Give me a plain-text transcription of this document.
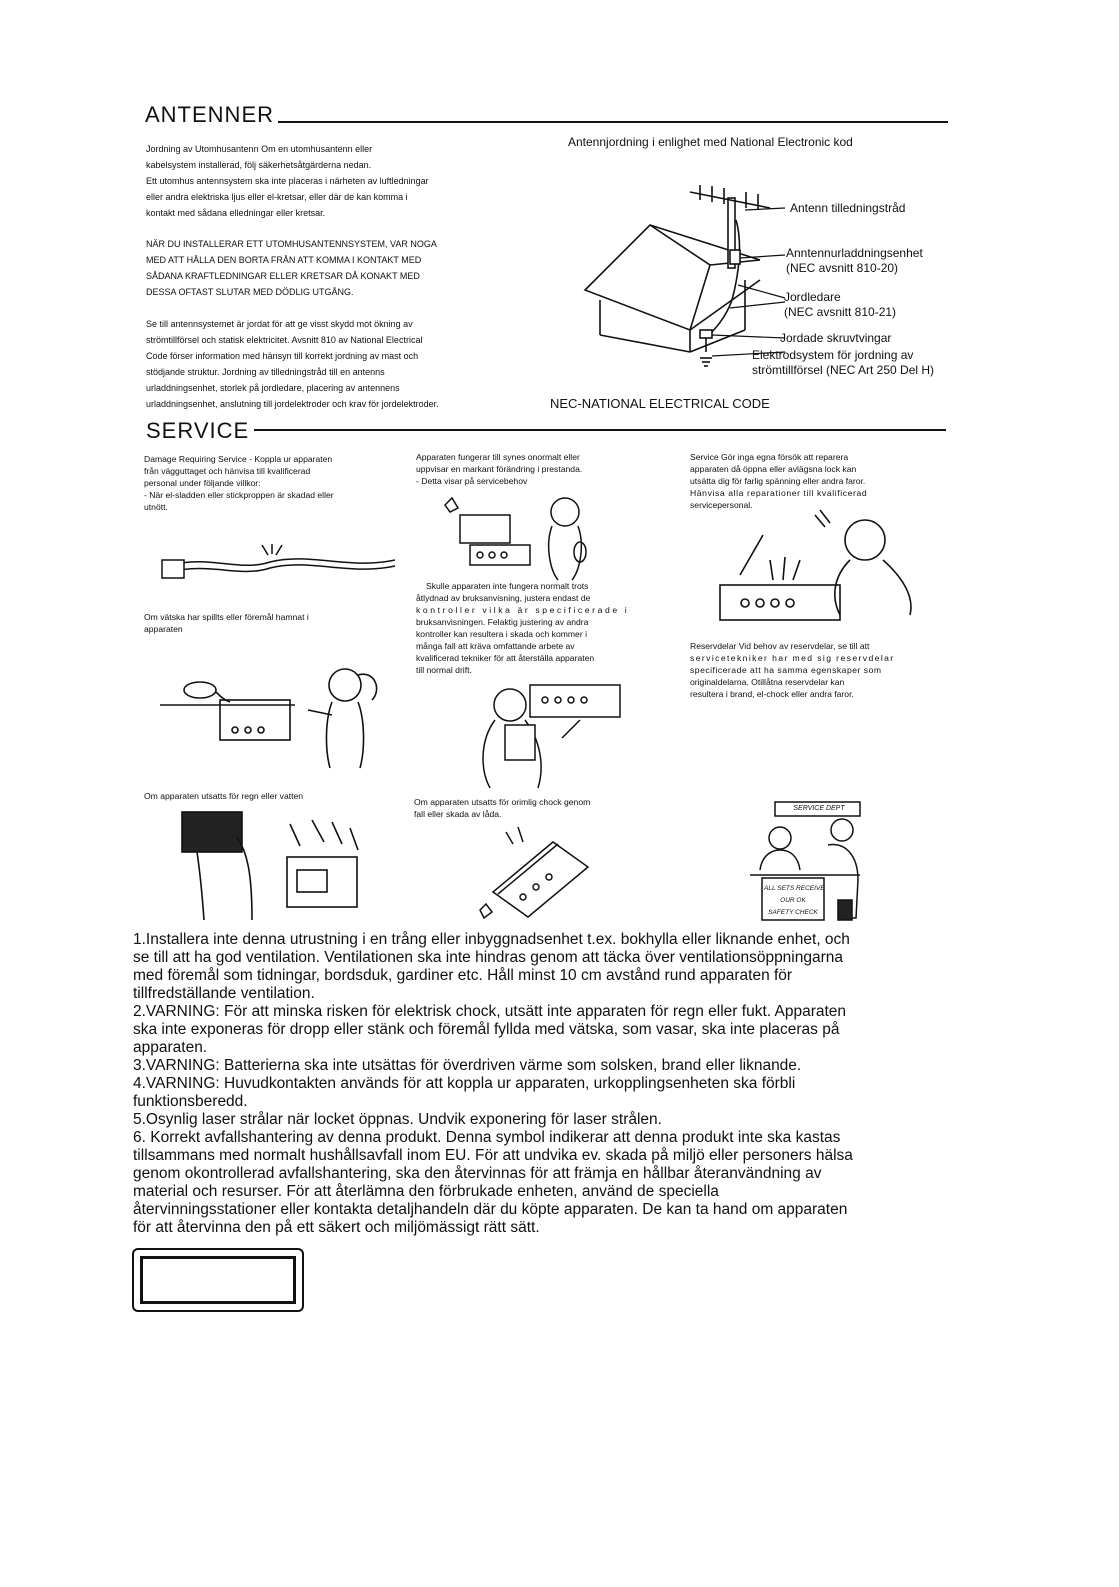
ANTENNER
Jordning av Utomhusantenn Om en utomhusantenn eller
kabelsystem installerad, följ säkerhetsåtgärderna nedan.
Ett utomhus antennsystem ska inte placeras i närheten av luftledningar
eller andra elektriska ljus eller el-kretsar, eller där de kan komma i
kontakt med sådana elledningar eller kretsar.
NÄR DU INSTALLERAR ETT UTOMHUSANTENNSYSTEM, VAR NOGA
MED ATT HÅLLA DEN BORTA FRÅN ATT KOMMA I KONTAKT MED
SÅDANA KRAFTLEDNINGAR ELLER KRETSAR DÅ KONAKT MED
DESSA OFTAST SLUTAR MED DÖDLIG UTGÅNG.
Se till antennsystemet är jordat för att ge visst skydd mot ökning av
strömtillförsel och statisk elektricitet. Avsnitt 810 av National Electrical
Code förser information med hänsyn till korrekt jordning av mast och
stödjande struktur. Jordning av tilledningstråd till en antenns
urladdningsenhet, storlek på jordledare, placering av antennens
urladdningsenhet, anslutning till jordelektroder och krav för jordelektroder.
Antennjordning i enlighet med National Electronic kod
Antenn tilledningstråd
Anntennurladdningsenhet
(NEC avsnitt 810-20)
Jordledare
(NEC avsnitt 810-21)
Jordade skruvtvingar
Elektrodsystem för jordning av
strömtillförsel (NEC Art 250 Del H)
NEC-NATIONAL ELECTRICAL CODE
SERVICE
Damage Requiring Service - Koppla ur apparaten
från vägguttaget och hänvisa till kvalificerad
personal under följande villkor:
- När el-sladden eller stickproppen är skadad eller
utnött.
Om vätska har spillts eller föremål hamnat i
apparaten
Om apparaten utsatts för regn eller vatten
Apparaten fungerar till synes onormalt eller
uppvisar en markant förändring i prestanda.
- Detta visar på servicebehov
Skulle apparaten inte fungera normalt trots
åtlydnad av bruksanvisning, justera endast de
kontroller vilka är specificerade i
bruksanvisningen. Felaktig justering av andra
kontroller kan resultera i skada och kommer i
många fall att kräva omfattande arbete av
kvalificerad tekniker för att återställa apparaten
till normal drift.
Om apparaten utsatts för orimlig chock genom
fall eller skada av låda.
Service Gör inga egna försök att reparera
apparaten då öppna eller avlägsna lock kan
utsätta dig för farlig spänning eller andra faror.
Hänvisa alla reparationer till kvalificerad
servicepersonal.
Reservdelar Vid behov av reservdelar, se till att
servicetekniker har med sig reservdelar
specificerade att ha samma egenskaper som
originaldelarna. Otillåtna reservdelar kan
resultera i brand, el-chock eller andra faror.
SERVICE DEPT
ALL SETS RECEIVE
OUR OK
SAFETY CHECK
1.Installera inte denna utrustning i en trång eller inbyggnadsenhet t.ex. bokhylla eller liknande enhet, och
se till att ha god ventilation. Ventilationen ska inte hindras genom att täcka över ventilationsöppningarna
med föremål som tidningar, bordsduk, gardiner etc. Håll minst 10 cm avstånd rund apparaten för
tillfredställande ventilation.
2.VARNING: För att minska risken för elektrisk chock, utsätt inte apparaten för regn eller fukt. Apparaten
ska inte exponeras för dropp eller stänk och föremål fyllda med vätska, som vasar, ska inte placeras på
apparaten.
3.VARNING: Batterierna ska inte utsättas för överdriven värme som solsken, brand eller liknande.
4.VARNING: Huvudkontakten används för att koppla ur apparaten, urkopplingsenheten ska förbli
funktionsberedd.
5.Osynlig laser strålar när locket öppnas. Undvik exponering för laser strålen.
6. Korrekt avfallshantering av denna produkt. Denna symbol indikerar att denna produkt inte ska kastas
tillsammans med normalt hushållsavfall inom EU. För att undvika ev. skada på miljö eller personers hälsa
genom okontrollerad avfallshantering, ska den återvinnas för att främja en hållbar återanvändning av
material och resurser. För att återlämna den förbrukade enheten, använd de speciella
återvinningsstationer eller kontakta detaljhandeln där du köpte apparaten. De kan ta hand om apparaten
för att återvinna den på ett säkert och miljömässigt rätt sätt.
